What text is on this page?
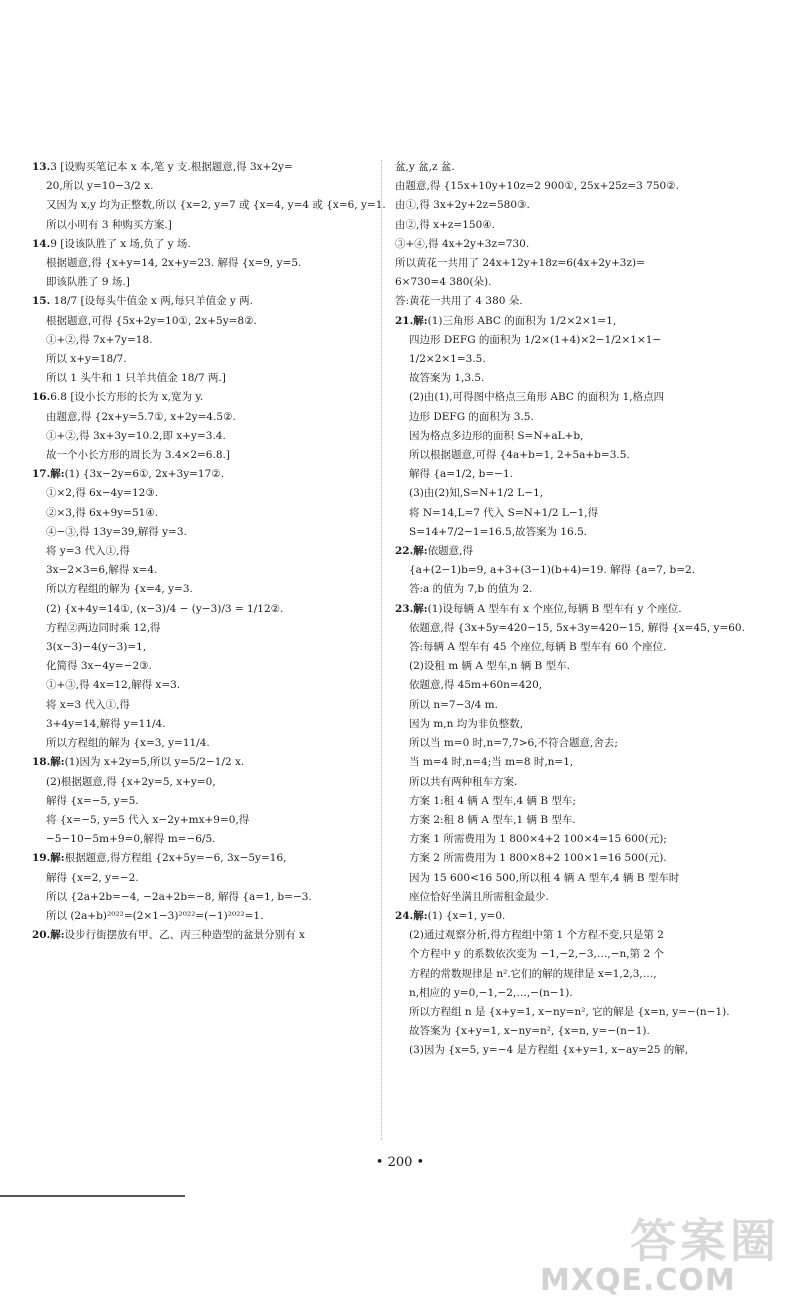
13.3 [设购买笔记本 x 本,笔 y 支.根据题意,得 3x+2y=
20,所以 y=10−3/2 x.
又因为 x,y 均为正整数,所以 {x=2, y=7 或 {x=4, y=4 或 {x=6, y=1.
所以小明有 3 种购买方案.]
14.9 [设该队胜了 x 场,负了 y 场.
根据题意,得 {x+y=14, 2x+y=23. 解得 {x=9, y=5.
即该队胜了 9 场.]
15. 18/7 [设每头牛值金 x 两,每只羊值金 y 两.
根据题意,可得 {5x+2y=10①, 2x+5y=8②.
①+②,得 7x+7y=18.
所以 x+y=18/7.
所以 1 头牛和 1 只羊共值金 18/7 两.]
16.6.8 [设小长方形的长为 x,宽为 y.
由题意,得 {2x+y=5.7①, x+2y=4.5②.
①+②,得 3x+3y=10.2,即 x+y=3.4.
故一个小长方形的周长为 3.4×2=6.8.]
17.解:(1) {3x−2y=6①, 2x+3y=17②.
①×2,得 6x−4y=12③.
②×3,得 6x+9y=51④.
④−③,得 13y=39,解得 y=3.
将 y=3 代入①,得
3x−2×3=6,解得 x=4.
所以方程组的解为 {x=4, y=3.
(2) {x+4y=14①, (x−3)/4 − (y−3)/3 = 1/12②.
方程②两边同时乘 12,得
3(x−3)−4(y−3)=1,
化简得 3x−4y=−2③.
①+③,得 4x=12,解得 x=3.
将 x=3 代入①,得
3+4y=14,解得 y=11/4.
所以方程组的解为 {x=3, y=11/4.
18.解:(1)因为 x+2y=5,所以 y=5/2−1/2 x.
(2)根据题意,得 {x+2y=5, x+y=0,
解得 {x=−5, y=5.
将 {x=−5, y=5 代入 x−2y+mx+9=0,得
−5−10−5m+9=0,解得 m=−6/5.
19.解:根据题意,得方程组 {2x+5y=−6, 3x−5y=16,
解得 {x=2, y=−2.
所以 {2a+2b=−4, −2a+2b=−8, 解得 {a=1, b=−3.
所以 (2a+b)²⁰²²=(2×1−3)²⁰²²=(−1)²⁰²²=1.
20.解:设步行街摆放有甲、乙、丙三种造型的盆景分别有 x
盆,y 盆,z 盆.
由题意,得 {15x+10y+10z=2 900①, 25x+25z=3 750②.
由①,得 3x+2y+2z=580③.
由②,得 x+z=150④.
③+④,得 4x+2y+3z=730.
所以黄花一共用了 24x+12y+18z=6(4x+2y+3z)=
6×730=4 380(朵).
答:黄花一共用了 4 380 朵.
21.解:(1)三角形 ABC 的面积为 1/2×2×1=1,
四边形 DEFG 的面积为 1/2×(1+4)×2−1/2×1×1−
1/2×2×1=3.5.
故答案为 1,3.5.
(2)由(1),可得图中格点三角形 ABC 的面积为 1,格点四
边形 DEFG 的面积为 3.5.
因为格点多边形的面积 S=N+aL+b,
所以根据题意,可得 {4a+b=1, 2+5a+b=3.5.
解得 {a=1/2, b=−1.
(3)由(2)知,S=N+1/2 L−1,
将 N=14,L=7 代入 S=N+1/2 L−1,得
S=14+7/2−1=16.5,故答案为 16.5.
22.解:依题意,得
{a+(2−1)b=9, a+3+(3−1)(b+4)=19. 解得 {a=7, b=2.
答:a 的值为 7,b 的值为 2.
23.解:(1)设每辆 A 型车有 x 个座位,每辆 B 型车有 y 个座位.
依题意,得 {3x+5y=420−15, 5x+3y=420−15, 解得 {x=45, y=60.
答:每辆 A 型车有 45 个座位,每辆 B 型车有 60 个座位.
(2)设租 m 辆 A 型车,n 辆 B 型车.
依题意,得 45m+60n=420,
所以 n=7−3/4 m.
因为 m,n 均为非负整数,
所以当 m=0 时,n=7,7>6,不符合题意,舍去;
当 m=4 时,n=4;当 m=8 时,n=1,
所以共有两种租车方案.
方案 1:租 4 辆 A 型车,4 辆 B 型车;
方案 2:租 8 辆 A 型车,1 辆 B 型车.
方案 1 所需费用为 1 800×4+2 100×4=15 600(元);
方案 2 所需费用为 1 800×8+2 100×1=16 500(元).
因为 15 600<16 500,所以租 4 辆 A 型车,4 辆 B 型车时
座位恰好坐满且所需租金最少.
24.解:(1) {x=1, y=0.
(2)通过观察分析,得方程组中第 1 个方程不变,只是第 2
个方程中 y 的系数依次变为 −1,−2,−3,…,−n,第 2 个
方程的常数规律是 n².它们的解的规律是 x=1,2,3,…,
n,相应的 y=0,−1,−2,…,−(n−1).
所以方程组 n 是 {x+y=1, x−ny=n², 它的解是 {x=n, y=−(n−1).
故答案为 {x+y=1, x−ny=n², {x=n, y=−(n−1).
(3)因为 {x=5, y=−4 是方程组 {x+y=1, x−ay=25 的解,
• 200 •
答案圈
MXQE.COM
